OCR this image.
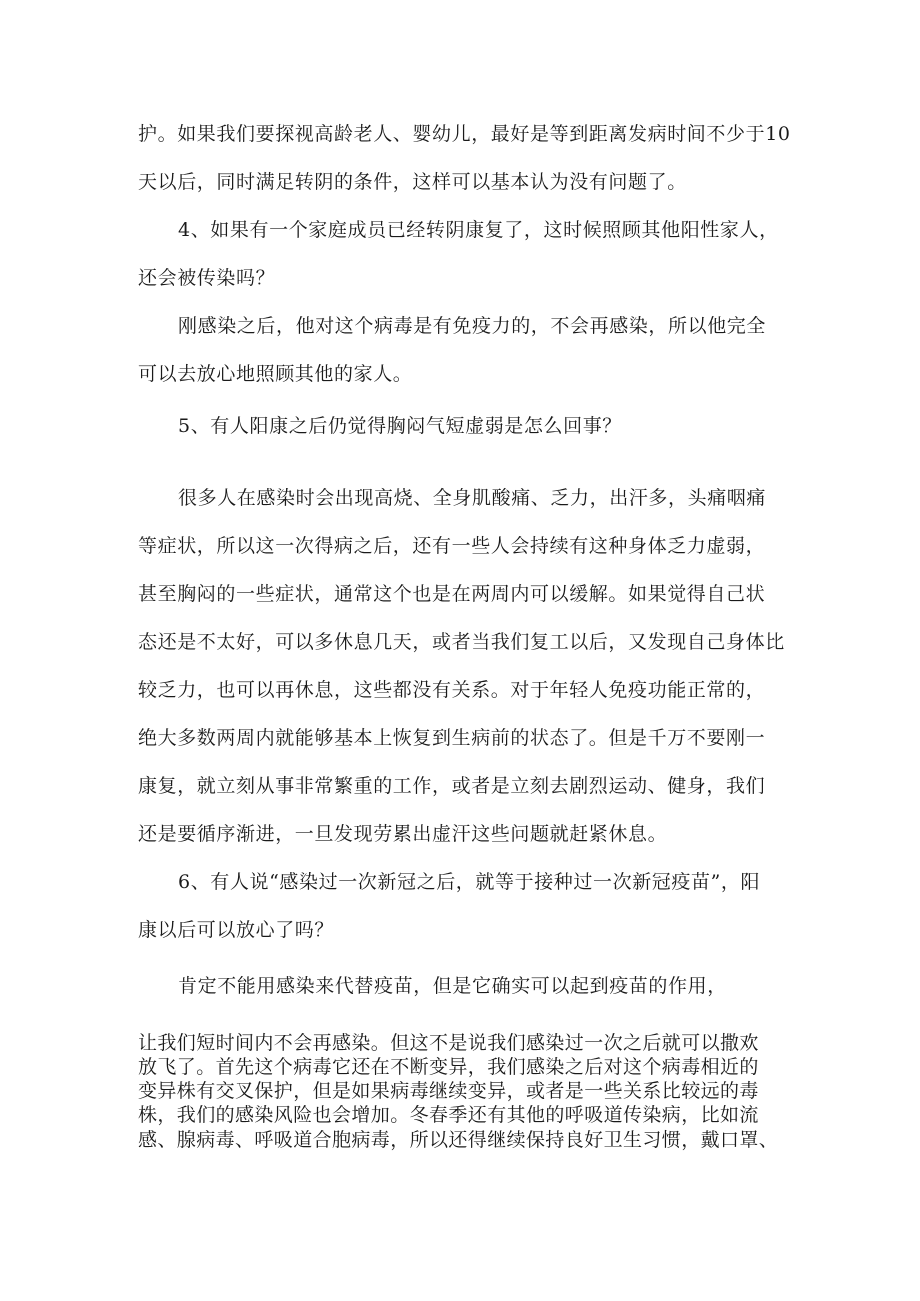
护。如果我们要探视高龄老人、婴幼儿，最好是等到距离发病时间不少于10
天以后，同时满足转阴的条件，这样可以基本认为没有问题了。
4、如果有一个家庭成员已经转阴康复了，这时候照顾其他阳性家人，
还会被传染吗？
刚感染之后，他对这个病毒是有免疫力的，不会再感染，所以他完全
可以去放心地照顾其他的家人。
5、有人阳康之后仍觉得胸闷气短虚弱是怎么回事？
很多人在感染时会出现高烧、全身肌酸痛、乏力，出汗多，头痛咽痛
等症状，所以这一次得病之后，还有一些人会持续有这种身体乏力虚弱，
甚至胸闷的一些症状，通常这个也是在两周内可以缓解。如果觉得自己状
态还是不太好，可以多休息几天，或者当我们复工以后，又发现自己身体比
较乏力，也可以再休息，这些都没有关系。对于年轻人免疫功能正常的，
绝大多数两周内就能够基本上恢复到生病前的状态了。但是千万不要刚一
康复，就立刻从事非常繁重的工作，或者是立刻去剧烈运动、健身，我们
还是要循序渐进，一旦发现劳累出虚汗这些问题就赶紧休息。
6、有人说“感染过一次新冠之后，就等于接种过一次新冠疫苗”，阳
康以后可以放心了吗？
肯定不能用感染来代替疫苗，但是它确实可以起到疫苗的作用，
让我们短时间内不会再感染。但这不是说我们感染过一次之后就可以撒欢
放飞了。首先这个病毒它还在不断变异，我们感染之后对这个病毒相近的
变异株有交叉保护，但是如果病毒继续变异，或者是一些关系比较远的毒
株，我们的感染风险也会增加。冬春季还有其他的呼吸道传染病，比如流
感、腺病毒、呼吸道合胞病毒，所以还得继续保持良好卫生习惯，戴口罩、
